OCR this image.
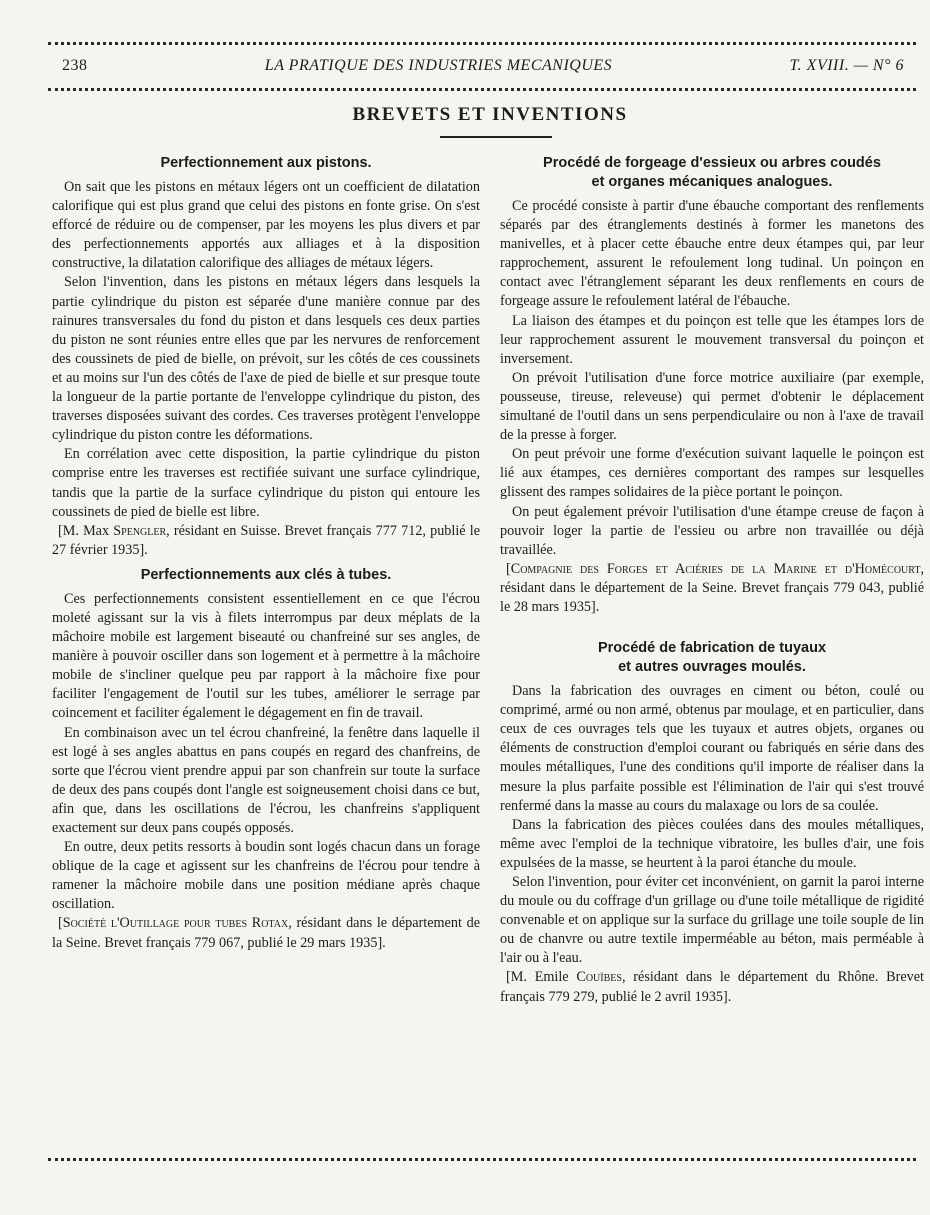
238	LA PRATIQUE DES INDUSTRIES MECANIQUES	T. XVIII. — N° 6
BREVETS ET INVENTIONS
Perfectionnement aux pistons.

On sait que les pistons en métaux légers ont un coefficient de dilatation calorifique qui est plus grand que celui des pistons en fonte grise. On s'est efforcé de réduire ou de compenser, par les moyens les plus divers et par des perfectionnements apportés aux alliages et à la disposition constructive, la dilatation calorifique des alliages de métaux légers.

Selon l'invention, dans les pistons en métaux légers dans lesquels la partie cylindrique du piston est séparée d'une manière connue par des rainures transversales du fond du piston et dans lesquels ces deux parties du piston ne sont réunies entre elles que par les nervures de renforcement des coussinets de pied de bielle, on prévoit, sur les côtés de ces coussinets et au moins sur l'un des côtés de l'axe de pied de bielle et sur presque toute la longueur de la partie portante de l'enveloppe cylindrique du piston, des traverses disposées suivant des cordes. Ces traverses protègent l'enveloppe cylindrique du piston contre les déformations.

En corrélation avec cette disposition, la partie cylindrique du piston comprise entre les traverses est rectifiée suivant une surface cylindrique, tandis que la partie de la surface cylindrique du piston qui entoure les coussinets de pied de bielle est libre.

[M. Max Spengler, résidant en Suisse. Brevet français 777 712, publié le 27 février 1935].

Perfectionnements aux clés à tubes.

Ces perfectionnements consistent essentiellement en ce que l'écrou moleté agissant sur la vis à filets interrompus par deux méplats de la mâchoire mobile est largement biseauté ou chanfreiné sur ses angles, de manière à pouvoir osciller dans son logement et à permettre à la mâchoire mobile de s'incliner quelque peu par rapport à la mâchoire fixe pour faciliter l'engagement de l'outil sur les tubes, améliorer le serrage par coincement et faciliter également le dégagement en fin de travail.

En combinaison avec un tel écrou chanfreiné, la fenêtre dans laquelle il est logé à ses angles abattus en pans coupés en regard des chanfreins, de sorte que l'écrou vient prendre appui par son chanfrein sur toute la surface de deux des pans coupés dont l'angle est soigneusement choisi dans ce but, afin que, dans les oscillations de l'écrou, les chanfreins s'appliquent exactement sur deux pans coupés opposés.

En outre, deux petits ressorts à boudin sont logés chacun dans un forage oblique de la cage et agissent sur les chanfreins de l'écrou pour tendre à ramener la mâchoire mobile dans une position médiane après chaque oscillation.

[Société l'Outillage pour tubes Rotax, résidant dans le département de la Seine. Brevet français 779 067, publié le 29 mars 1935].

Procédé de forgeage d'essieux ou arbres coudés
et organes mécaniques analogues.

Ce procédé consiste à partir d'une ébauche comportant des renflements séparés par des étranglements destinés à former les manetons des manivelles, et à placer cette ébauche entre deux étampes qui, par leur rapprochement, assurent le refoulement long tudinal. Un poinçon en contact avec l'étranglement séparant les deux renflements en cours de forgeage assure le refoulement latéral de l'ébauche.

La liaison des étampes et du poinçon est telle que les étampes lors de leur rapprochement assurent le mouvement transversal du poinçon et inversement.

On prévoit l'utilisation d'une force motrice auxiliaire (par exemple, pousseuse, tireuse, releveuse) qui permet d'obtenir le déplacement simultané de l'outil dans un sens perpendiculaire ou non à l'axe de travail de la presse à forger.

On peut prévoir une forme d'exécution suivant laquelle le poinçon est lié aux étampes, ces dernières comportant des rampes sur lesquelles glissent des rampes solidaires de la pièce portant le poinçon.

On peut également prévoir l'utilisation d'une étampe creuse de façon à pouvoir loger la partie de l'essieu ou arbre non travaillée ou déjà travaillée.

[Compagnie des Forges et Aciéries de la Marine et d'Homécourt, résidant dans le département de la Seine. Brevet français 779 043, publié le 28 mars 1935].

Procédé de fabrication de tuyaux
et autres ouvrages moulés.

Dans la fabrication des ouvrages en ciment ou béton, coulé ou comprimé, armé ou non armé, obtenus par moulage, et en particulier, dans ceux de ces ouvrages tels que les tuyaux et autres objets, organes ou éléments de construction d'emploi courant ou fabriqués en série dans des moules métalliques, l'une des conditions qu'il importe de réaliser dans la mesure la plus parfaite possible est l'élimination de l'air qui s'est trouvé renfermé dans la masse au cours du malaxage ou lors de sa coulée.

Dans la fabrication des pièces coulées dans des moules métalliques, même avec l'emploi de la technique vibratoire, les bulles d'air, une fois expulsées de la masse, se heurtent à la paroi étanche du moule.

Selon l'invention, pour éviter cet inconvénient, on garnit la paroi interne du moule ou du coffrage d'un grillage ou d'une toile métallique de rigidité convenable et on applique sur la surface du grillage une toile souple de lin ou de chanvre ou autre textile imperméable au béton, mais perméable à l'air ou à l'eau.

[M. Emile Couïbes, résidant dans le département du Rhône. Brevet français 779 279, publié le 2 avril 1935].
